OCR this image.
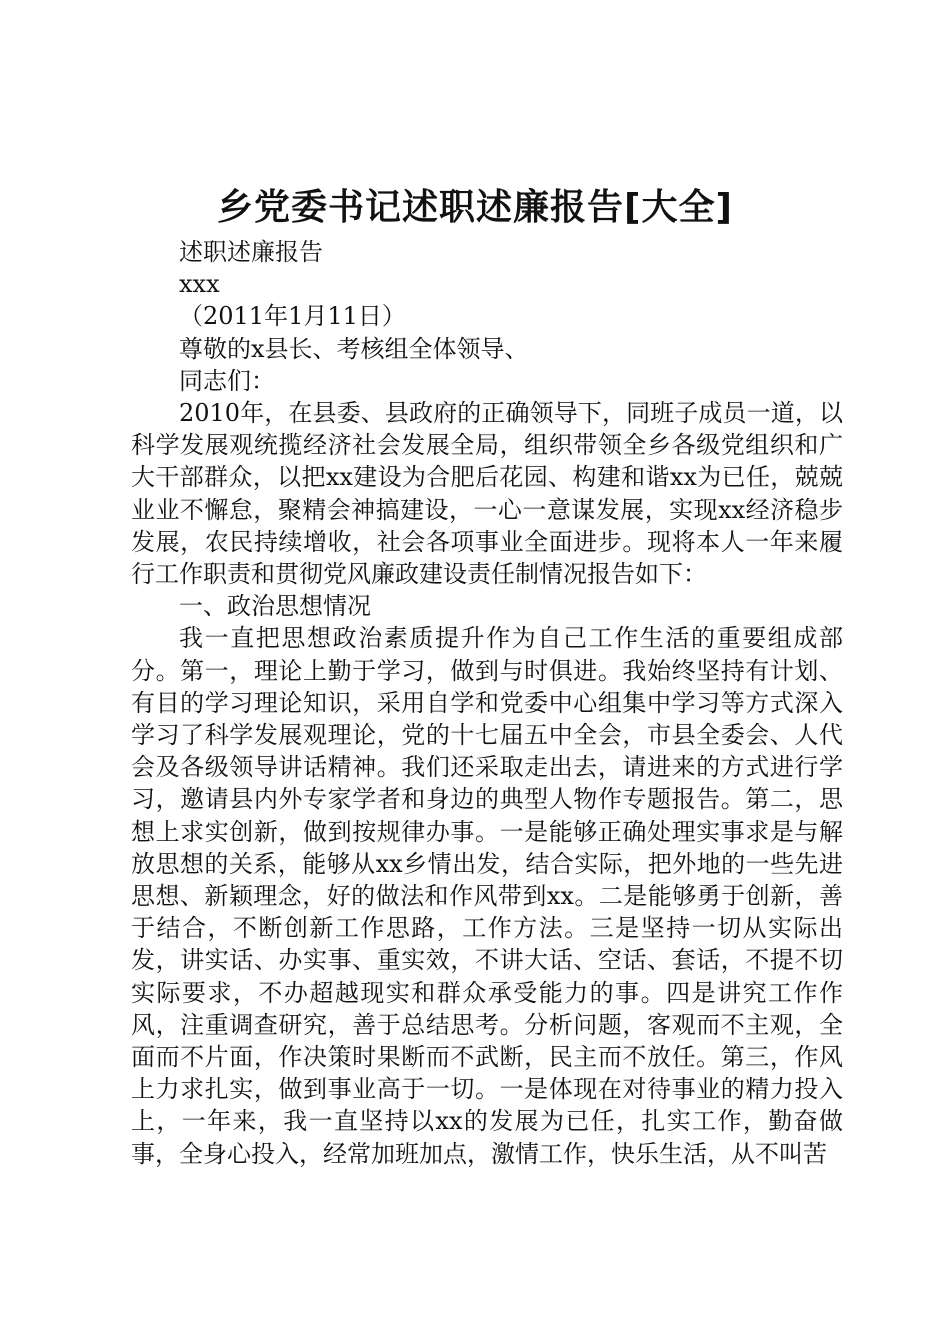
乡党委书记述职述廉报告[大全]

述职述廉报告

xxx

（2011年1月11日）

尊敬的x县长、考核组全体领导、

同志们：

2010年，在县委、县政府的正确领导下，同班子成员一道，以科学发展观统揽经济社会发展全局，组织带领全乡各级党组织和广大干部群众，以把xx建设为合肥后花园、构建和谐xx为已任，兢兢业业不懈怠，聚精会神搞建设，一心一意谋发展，实现xx经济稳步发展，农民持续增收，社会各项事业全面进步。现将本人一年来履行工作职责和贯彻党风廉政建设责任制情况报告如下：

一、政治思想情况

我一直把思想政治素质提升作为自己工作生活的重要组成部分。第一，理论上勤于学习，做到与时俱进。我始终坚持有计划、有目的学习理论知识，采用自学和党委中心组集中学习等方式深入学习了科学发展观理论，党的十七届五中全会，市县全委会、人代会及各级领导讲话精神。我们还采取走出去，请进来的方式进行学习，邀请县内外专家学者和身边的典型人物作专题报告。第二，思想上求实创新，做到按规律办事。一是能够正确处理实事求是与解放思想的关系，能够从xx乡情出发，结合实际，把外地的一些先进思想、新颖理念，好的做法和作风带到xx。二是能够勇于创新，善于结合，不断创新工作思路，工作方法。三是坚持一切从实际出发，讲实话、办实事、重实效，不讲大话、空话、套话，不提不切实际要求，不办超越现实和群众承受能力的事。四是讲究工作作风，注重调查研究，善于总结思考。分析问题，客观而不主观，全面而不片面，作决策时果断而不武断，民主而不放任。第三，作风上力求扎实，做到事业高于一切。一是体现在对待事业的精力投入上，一年来，我一直坚持以xx的发展为已任，扎实工作，勤奋做事，全身心投入，经常加班加点，激情工作，快乐生活，从不叫苦
